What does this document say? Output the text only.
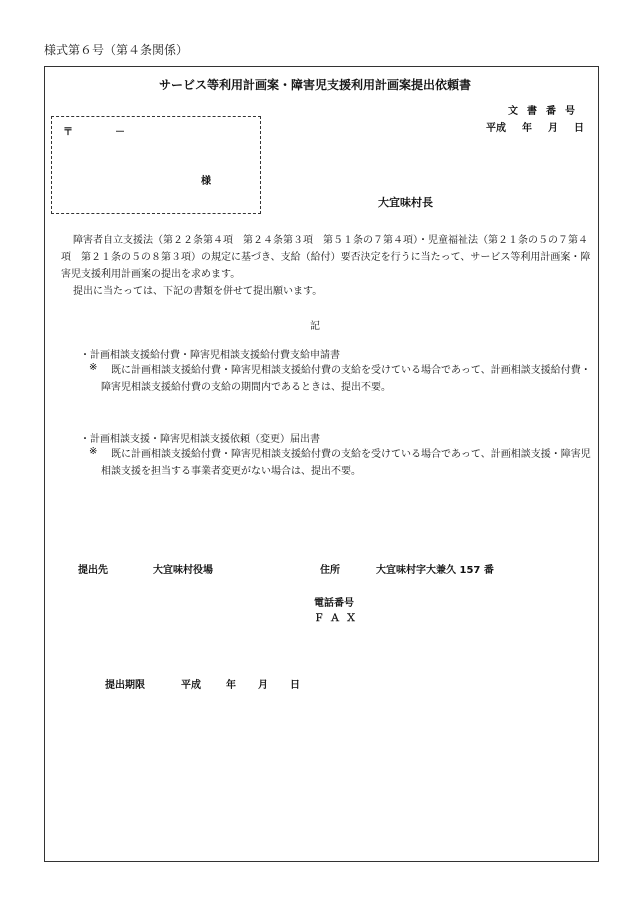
様式第６号（第４条関係）
サービス等利用計画案・障害児支援利用計画案提出依頼書
文書番号
平成 年 月 日
〒	－
様
大宜味村長
障害者自立支援法（第２２条第４項　第２４条第３項　第５１条の７第４項）・児童福祉法（第２１条の５の７第４項　第２１条の５の８第３項）の規定に基づき、支給（給付）要否決定を行うに当たって、サービス等利用計画案・障害児支援利用計画案の提出を求めます。
提出に当たっては、下記の書類を併せて提出願います。
記
・計画相談支援給付費・障害児相談支援給付費支給申請書
※	既に計画相談支援給付費・障害児相談支援給付費の支給を受けている場合であって、計画相談支援給付費・障害児相談支援給付費の支給の期間内であるときは、提出不要。
・計画相談支援・障害児相談支援依頼（変更）届出書
※	既に計画相談支援給付費・障害児相談支援給付費の支給を受けている場合であって、計画相談支援・障害児相談支援を担当する事業者変更がない場合は、提出不要。
提出先	大宜味村役場	住所	大宜味村字大兼久 157 番
電話番号
ＦＡＸ
提出期限	平成	年 月 日
